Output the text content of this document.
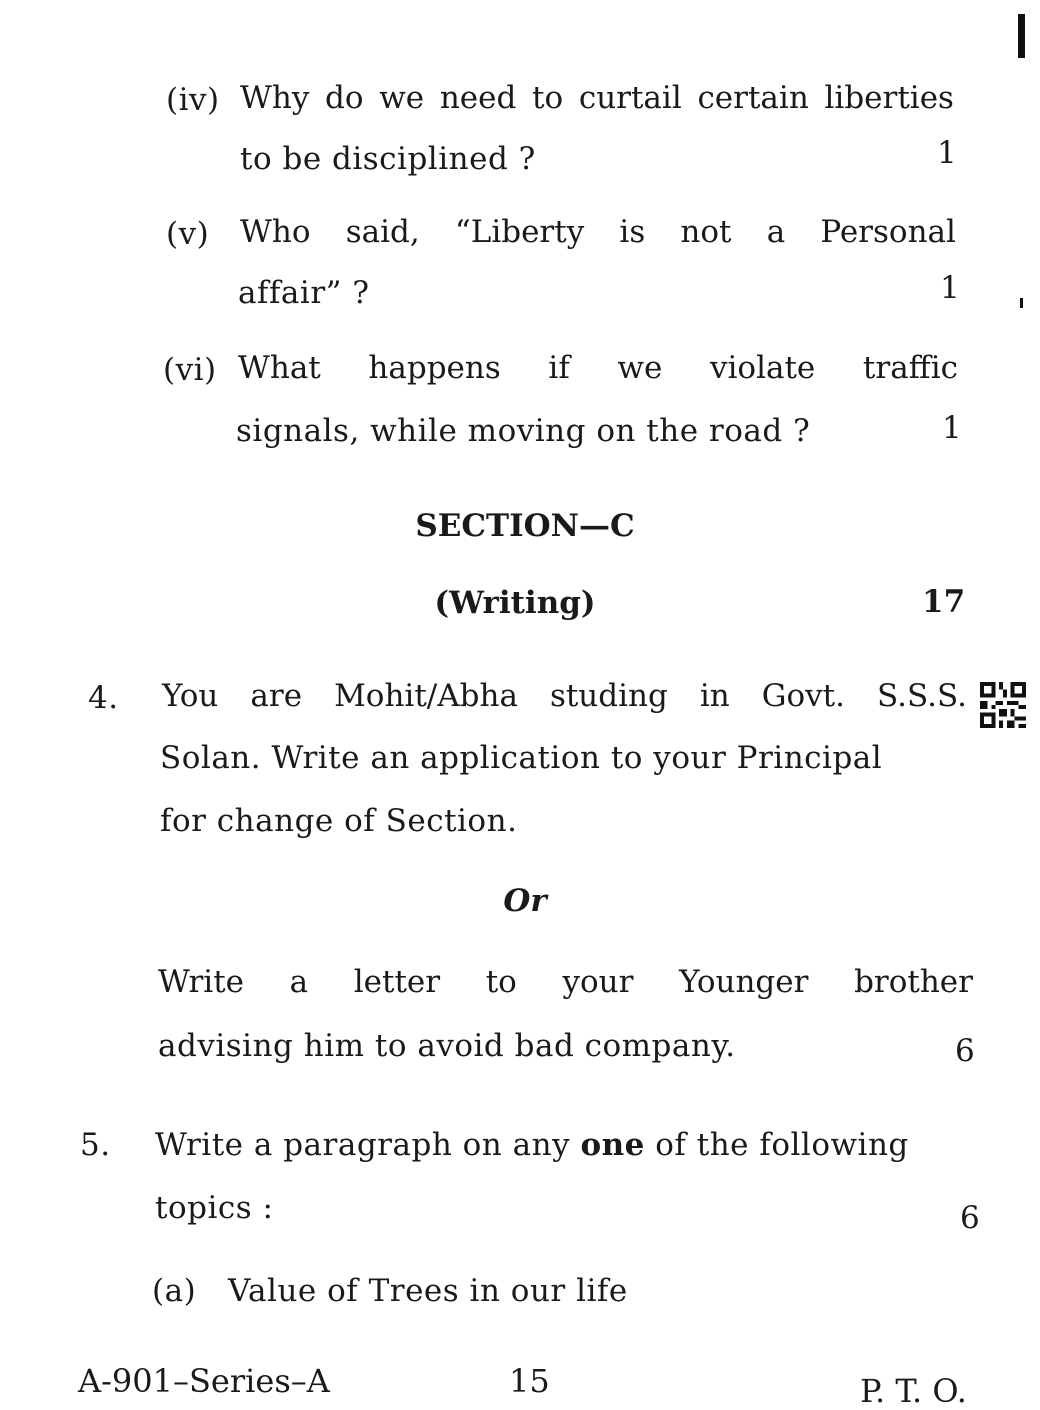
(iv) Why do we need to curtail certain liberties
to be disciplined ?	1
(v) Who said, “Liberty is not a Personal
affair” ?	1
(vi) What happens if we violate traffic
signals, while moving on the road ?	1
SECTION—C
(Writing)	17
4. You are Mohit/Abha studing in Govt. S.S.S.
Solan. Write an application to your Principal
for change of Section.
Or
Write a letter to your Younger brother
advising him to avoid bad company.	6
5. Write a paragraph on any one of the following
topics :	6
(a) Value of Trees in our life
A-901–Series–A	15	P. T. O.
